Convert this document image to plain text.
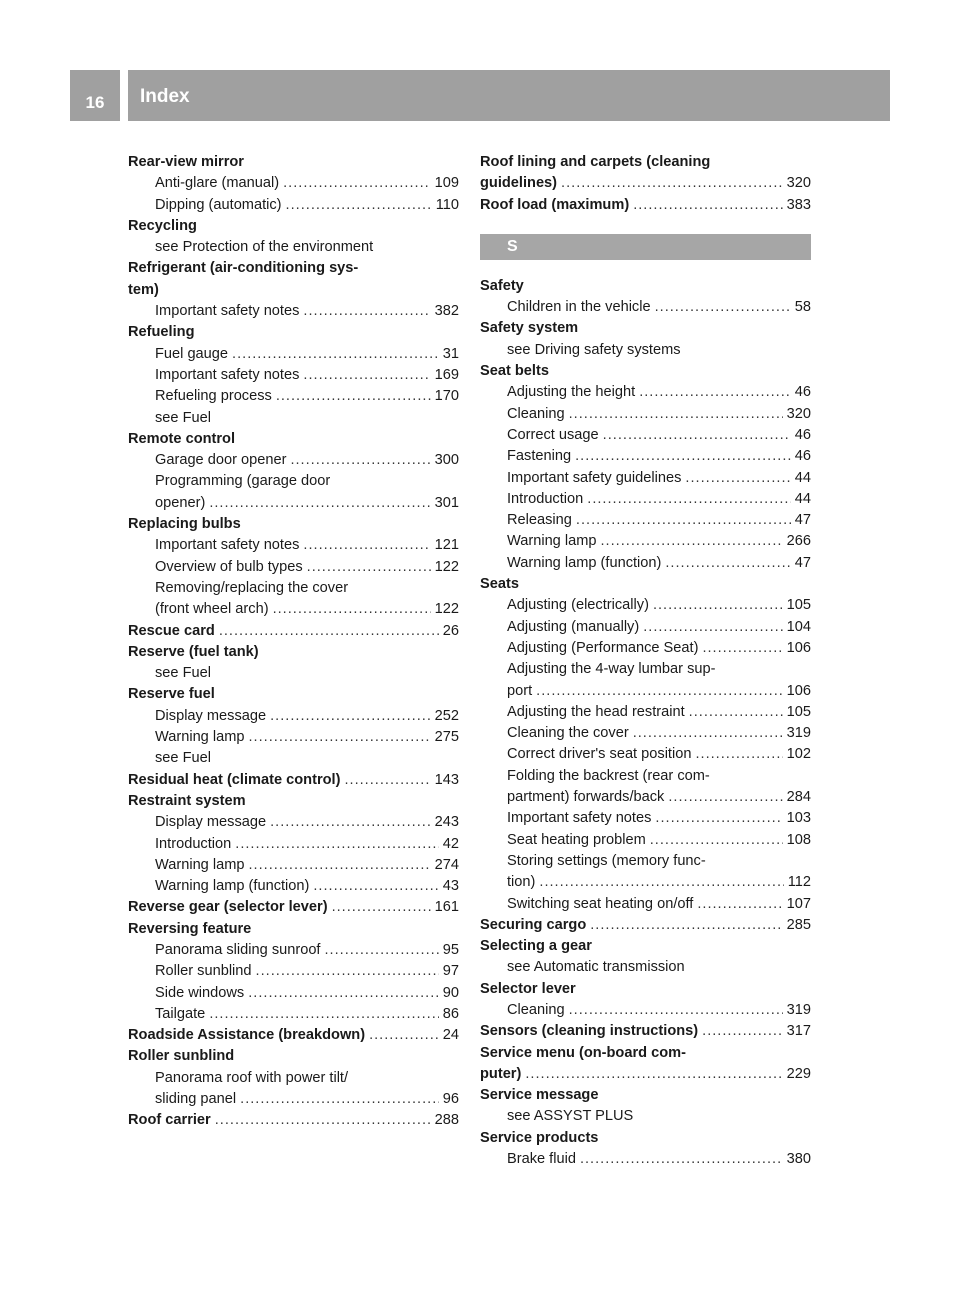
16	Index
Rear-view mirror
Anti-glare (manual) .....	109
Dipping (automatic) .....	110
Recycling
see Protection of the environment
Refrigerant (air-conditioning sys-
tem)
Important safety notes .....	382
Refueling
Fuel gauge .....	31
Important safety notes .....	169
Refueling process .....	170
see Fuel
Remote control
Garage door opener .....	300
Programming (garage door
opener) .....	301
Replacing bulbs
Important safety notes .....	121
Overview of bulb types .....	122
Removing/replacing the cover
(front wheel arch) .....	122
Rescue card .....	26
Reserve (fuel tank)
see Fuel
Reserve fuel
Display message .....	252
Warning lamp .....	275
see Fuel
Residual heat (climate control) .....	143
Restraint system
Display message .....	243
Introduction .....	42
Warning lamp .....	274
Warning lamp (function) .....	43
Reverse gear (selector lever) .....	161
Reversing feature
Panorama sliding sunroof .....	95
Roller sunblind .....	97
Side windows .....	90
Tailgate .....	86
Roadside Assistance (breakdown) .....	24
Roller sunblind
Panorama roof with power tilt/
sliding panel .....	96
Roof carrier .....	288
Roof lining and carpets (cleaning
guidelines) .....	320
Roof load (maximum) .....	383
S
Safety
Children in the vehicle .....	58
Safety system
see Driving safety systems
Seat belts
Adjusting the height .....	46
Cleaning .....	320
Correct usage .....	46
Fastening .....	46
Important safety guidelines .....	44
Introduction .....	44
Releasing .....	47
Warning lamp .....	266
Warning lamp (function) .....	47
Seats
Adjusting (electrically) .....	105
Adjusting (manually) .....	104
Adjusting (Performance Seat) .....	106
Adjusting the 4-way lumbar sup-
port .....	106
Adjusting the head restraint .....	105
Cleaning the cover .....	319
Correct driver's seat position .....	102
Folding the backrest (rear com-
partment) forwards/back .....	284
Important safety notes .....	103
Seat heating problem .....	108
Storing settings (memory func-
tion) .....	112
Switching seat heating on/off .....	107
Securing cargo .....	285
Selecting a gear
see Automatic transmission
Selector lever
Cleaning .....	319
Sensors (cleaning instructions) .....	317
Service menu (on-board com-
puter) .....	229
Service message
see ASSYST PLUS
Service products
Brake fluid .....	380
